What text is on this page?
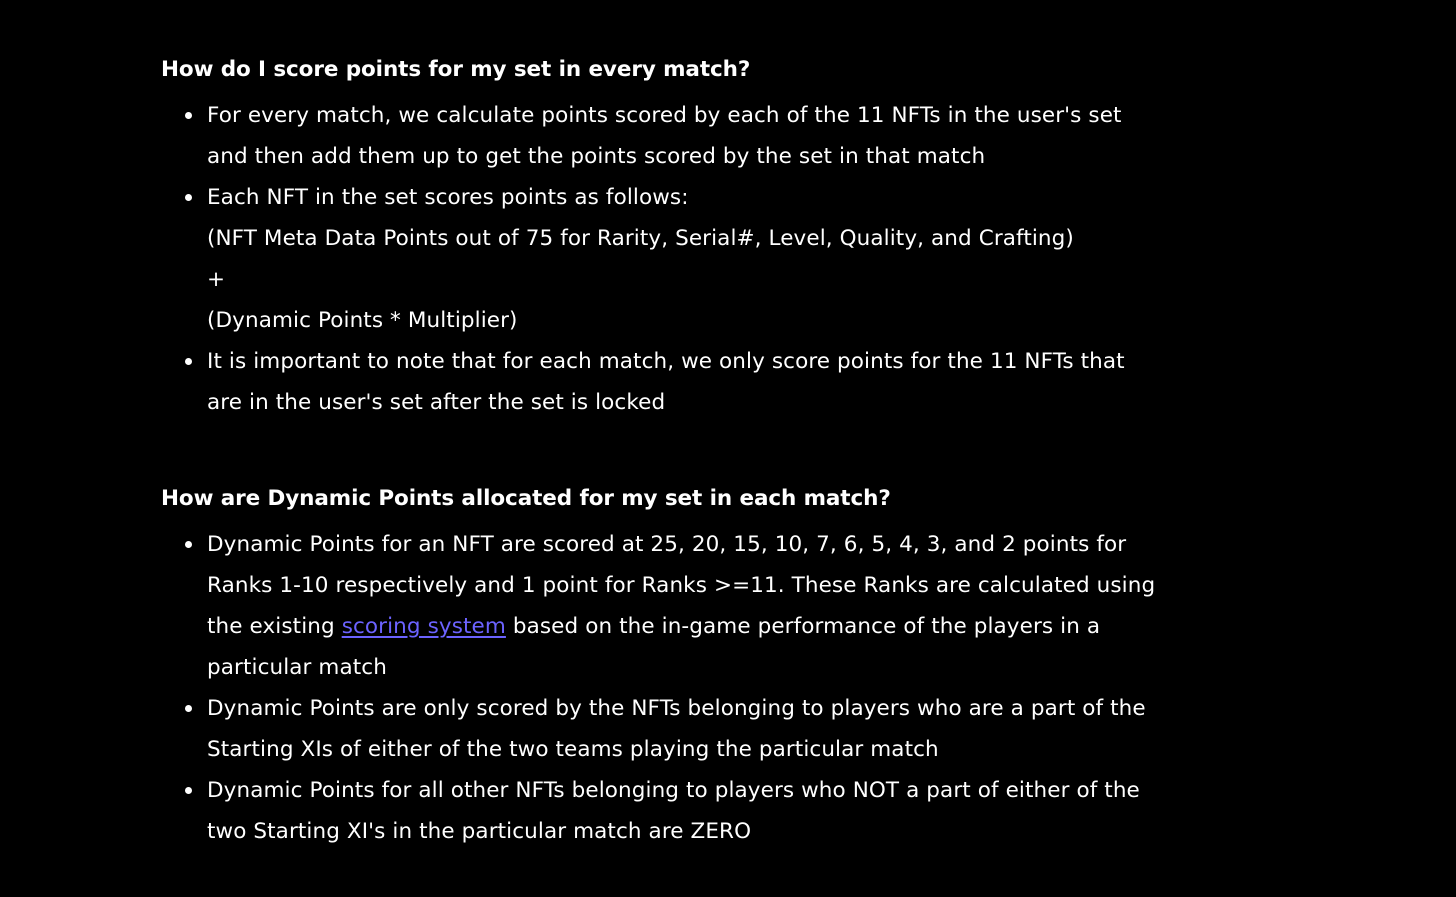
How do I score points for my set in every match?
For every match, we calculate points scored by each of the 11 NFTs in the user's set
and then add them up to get the points scored by the set in that match
Each NFT in the set scores points as follows:
(NFT Meta Data Points out of 75 for Rarity, Serial#, Level, Quality, and Crafting)
+
(Dynamic Points * Multiplier)
It is important to note that for each match, we only score points for the 11 NFTs that
are in the user's set after the set is locked
How are Dynamic Points allocated for my set in each match?
Dynamic Points for an NFT are scored at 25, 20, 15, 10, 7, 6, 5, 4, 3, and 2 points for
Ranks 1-10 respectively and 1 point for Ranks >=11. These Ranks are calculated using
the existing scoring system based on the in-game performance of the players in a
particular match
Dynamic Points are only scored by the NFTs belonging to players who are a part of the
Starting XIs of either of the two teams playing the particular match
Dynamic Points for all other NFTs belonging to players who NOT a part of either of the
two Starting XI's in the particular match are ZERO
